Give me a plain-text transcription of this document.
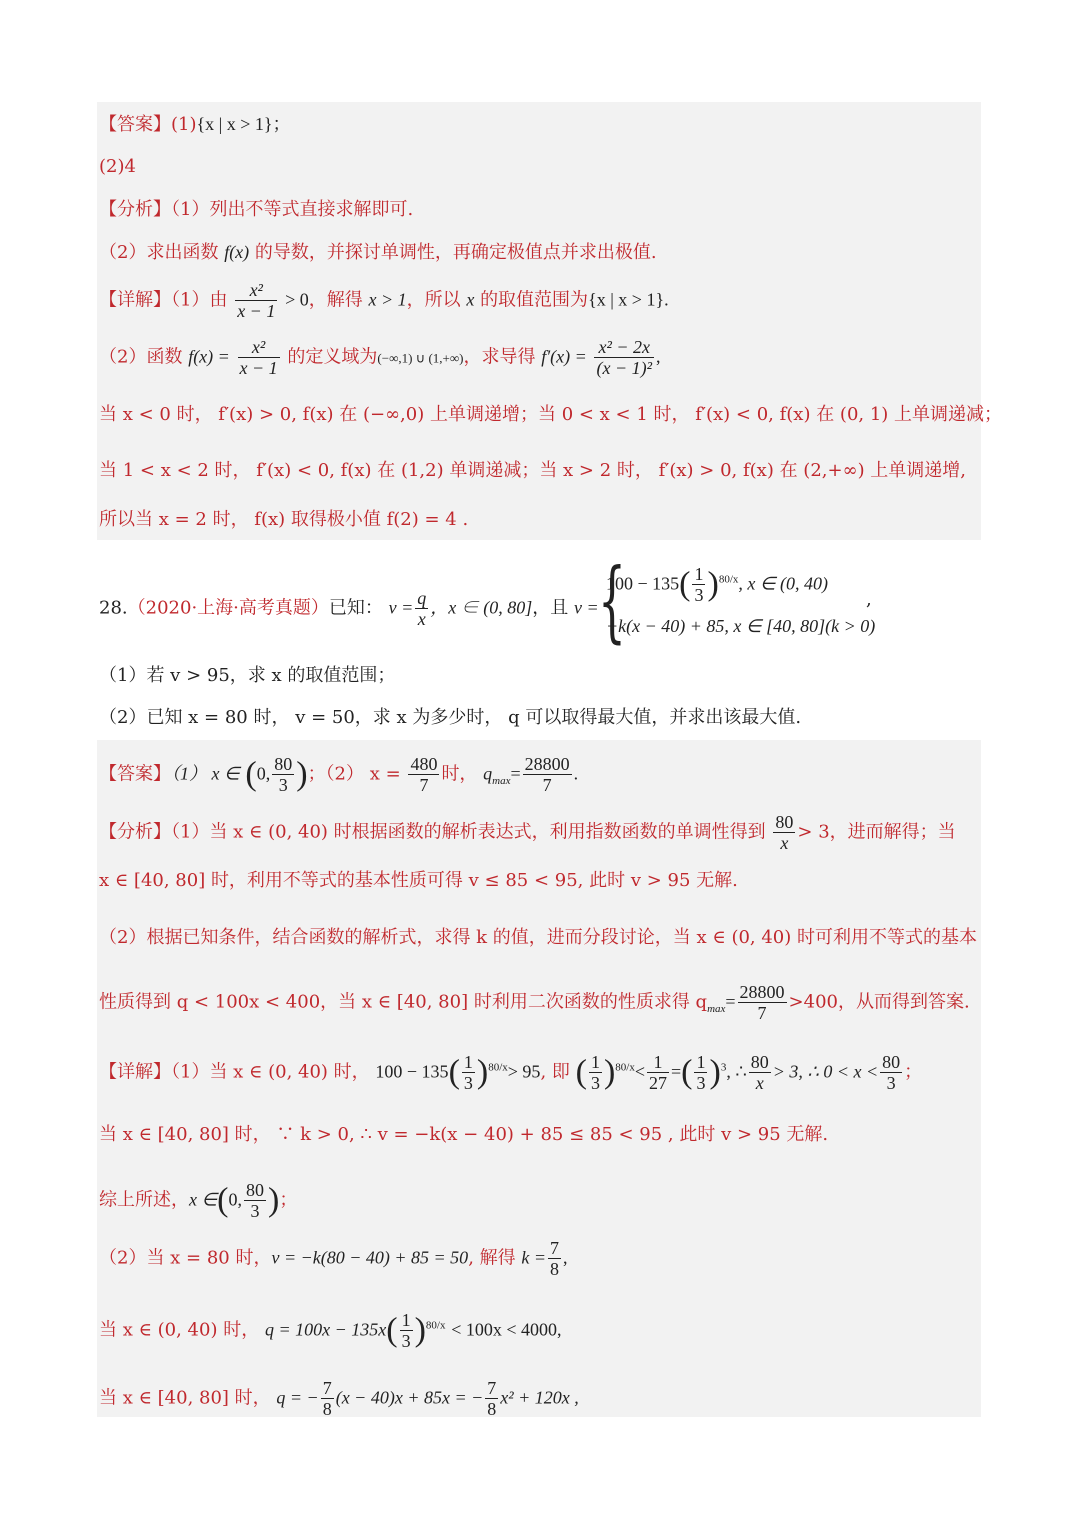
【答案】(1){x | x > 1}；
(2)4
【分析】（1）列出不等式直接求解即可.
（2）求出函数 f(x) 的导数，并探讨单调性，再确定极值点并求出极值.
【详解】（1）由 $\frac{\text{x²}}{x - 1} > 0$，解得 x > 1，所以 x 的取值范围为{x | x > 1}.
（2）函数 $f(x) = \frac{\text{x²}}{x - 1}$ 的定义域为(−∞,1) ∪ (1,+∞)，求导得 $f'(x) = \frac{\text{x² − 2x}}{\text{(x − 1)²}}$ ,
当 x < 0 时， f′(x) > 0, f(x) 在 (−∞,0) 上单调递增；当 0 < x < 1 时， f′(x) < 0, f(x) 在 (0, 1) 上单调递减；
当 1 < x < 2 时， f′(x) < 0, f(x) 在 (1,2) 单调递减；当 x > 2 时， f′(x) > 0, f(x) 在 (2,+∞) 上单调递增,
所以当 x = 2 时， f(x) 取得极小值 f(2) = 4 .
28.（2020·上海·高考真题）已知： $v = \frac{q}{x}$ ，x ∈ (0, 80]，且 v = {
$100 - 135( \frac{1}{3} )^{80/x}$, x ∈ (0, 40)
−k(x − 40) + 85, x ∈ [40, 80](k > 0)
,
（1）若 v > 95，求 x 的取值范围；
（2）已知 x = 80 时， v = 50，求 x 为多少时， q 可以取得最大值，并求出该最大值.
【答案】（1） x ∈ (0, $\frac{80}{3}$ )；（2） $x = \frac{480}{7}$ 时， $q_{max}= \frac{28800}{7}$ .
【分析】（1）当 x ∈ (0, 40) 时根据函数的解析表达式，利用指数函数的单调性得到 $\frac{80}{x} > 3$，进而解得；当
x ∈ [40, 80] 时，利用不等式的基本性质可得 v ≤ 85 < 95, 此时 v > 95 无解.
（2）根据已知条件，结合函数的解析式，求得 k 的值，进而分段讨论，当 x ∈ (0, 40) 时可利用不等式的基本
性质得到 q < 100x < 400，当 x ∈ [40, 80] 时利用二次函数的性质求得 $q_{max}= \frac{28800}{7} >400$，从而得到答案.
【详解】（1）当 x ∈ (0, 40) 时， $100 - 135( \frac{1}{3} )^{80/x}> 95$, 即 ( $\frac{1}{3} )^{80/x}< \frac{1}{27}$ =( $\frac{1}{3} )^3$, ∴ $\frac{80}{x} > 3$, ∴ $0 < x < \frac{80}{3}$ ；
当 x ∈ [40, 80] 时， ∵ k > 0, ∴ v = −k(x − 40) + 85 ≤ 85 < 95 , 此时 v > 95 无解.
综上所述，x ∈(0, $\frac{80}{3}$ )；
（2）当 x = 80 时，v = −k(80 − 40) + 85 = 50, 解得 $k = \frac{7}{8}$ ,
当 x ∈ (0, 40) 时， $q = 100x - 135x( \frac{1}{3} )^{80/x} < 100x < 4000$,
当 x ∈ [40, 80] 时， q = − $\frac{7}{8} (x - 40)x + 85x$ = − $\frac{7}{8} x^2 + 120x$ ,
